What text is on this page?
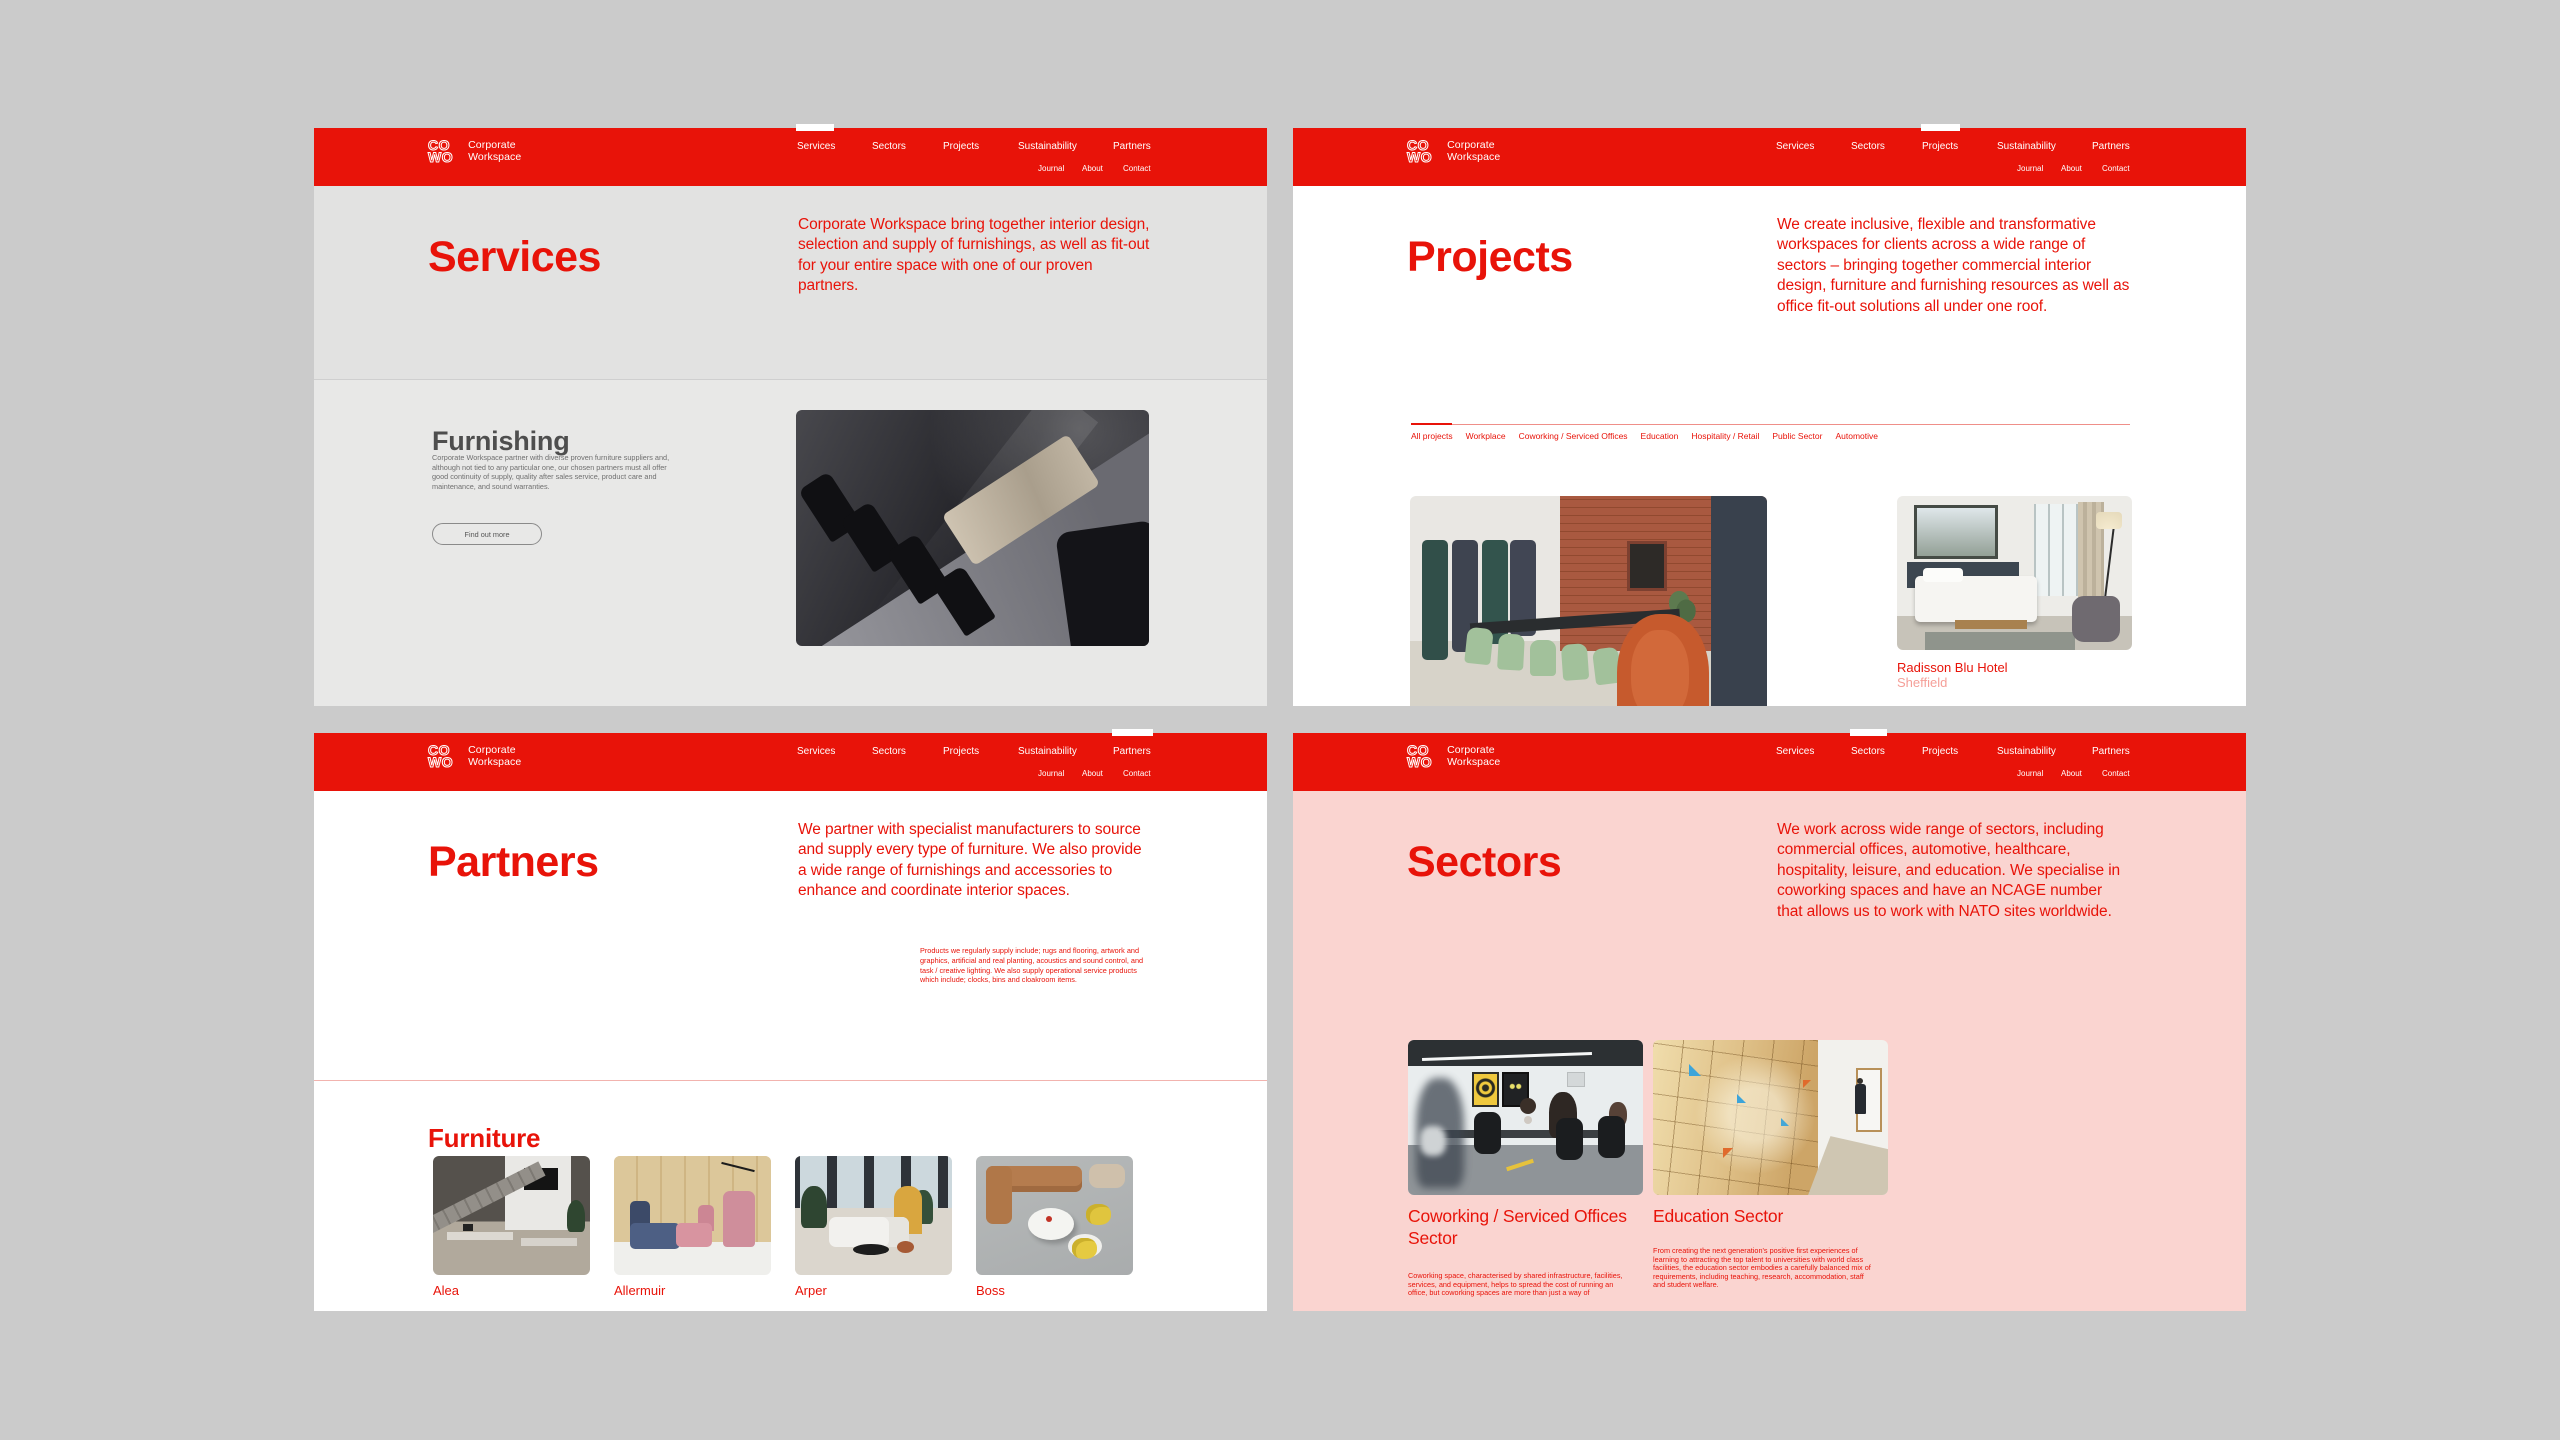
CO
WO
Corporate
Workspace
Services	Sectors	Projects	Sustainability	Partners
Journal About	Contact
Services

Corporate Workspace bring together interior design, selection and supply of furnishings, as well as fit-out for your entire space with one of our proven partners.

Furnishing

Corporate Workspace partner with diverse proven furniture suppliers and, although not tied to any particular one, our chosen partners must all offer good continuity of supply, quality after sales service, product care and maintenance, and sound warranties.

Find out more
CO
WO
Corporate
Workspace
Services	Sectors	Projects	Sustainability	Partners
Journal About	Contact
Projects

We create inclusive, flexible and transformative workspaces for clients across a wide range of sectors – bringing together commercial interior design, furniture and furnishing resources as well as office fit-out solutions all under one roof.

All projects Workplace Coworking / Serviced Offices Education Hospitality / Retail Public Sector Automotive
Radisson Blu Hotel
Sheffield
CO
WO
Corporate
Workspace
Services	Sectors	Projects	Sustainability	Partners
Journal About	Contact
Partners

We partner with specialist manufacturers to source and supply every type of furniture. We also provide a wide range of furnishings and accessories to enhance and coordinate interior spaces.

Products we regularly supply include; rugs and flooring, artwork and graphics, artificial and real planting, acoustics and sound control, and task / creative lighting. We also supply operational service products which include; clocks, bins and cloakroom items.

Furniture
Alea	Allermuir	Arper	Boss
CO
WO
Corporate
Workspace
Services	Sectors	Projects	Sustainability	Partners
Journal About	Contact
Sectors

We work across wide range of sectors, including commercial offices, automotive, healthcare, hospitality, leisure, and education. We specialise in coworking spaces and have an NCAGE number that allows us to work with NATO sites worldwide.

Coworking / Serviced Offices Sector

Coworking space, characterised by shared infrastructure, facilities, services, and equipment, helps to spread the cost of running an office, but coworking spaces are more than just a way of

Education Sector

From creating the next generation's positive first experiences of learning to attracting the top talent to universities with world class facilities, the education sector embodies a carefully balanced mix of requirements, including teaching, research, accommodation, staff and student welfare.
